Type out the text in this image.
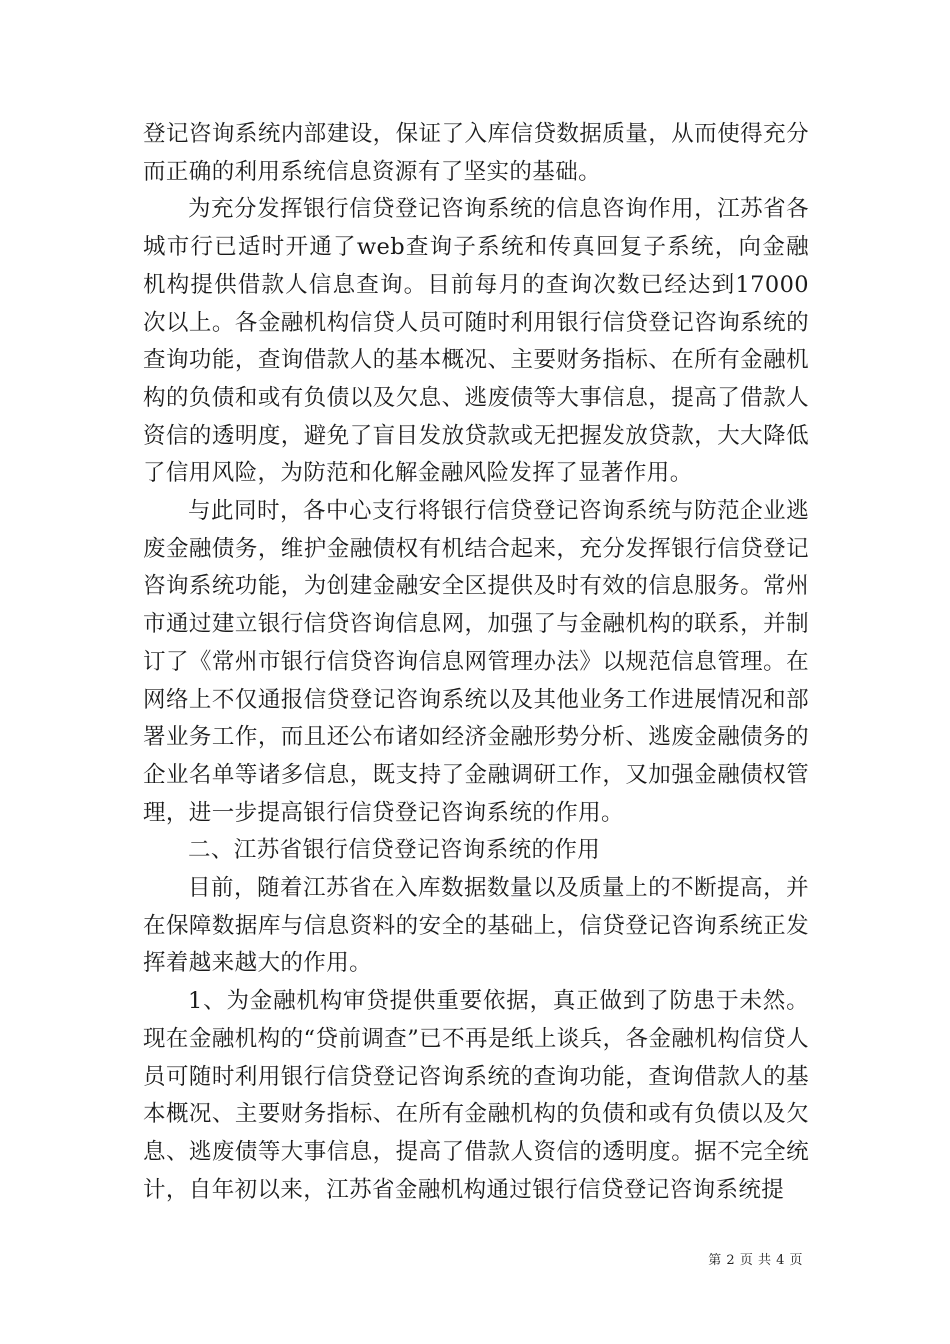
登记咨询系统内部建设，保证了入库信贷数据质量，从而使得充分而正确的利用系统信息资源有了坚实的基础。

为充分发挥银行信贷登记咨询系统的信息咨询作用，江苏省各城市行已适时开通了web查询子系统和传真回复子系统，向金融机构提供借款人信息查询。目前每月的查询次数已经达到17000次以上。各金融机构信贷人员可随时利用银行信贷登记咨询系统的查询功能，查询借款人的基本概况、主要财务指标、在所有金融机构的负债和或有负债以及欠息、逃废债等大事信息，提高了借款人资信的透明度，避免了盲目发放贷款或无把握发放贷款，大大降低了信用风险，为防范和化解金融风险发挥了显著作用。

与此同时，各中心支行将银行信贷登记咨询系统与防范企业逃废金融债务，维护金融债权有机结合起来，充分发挥银行信贷登记咨询系统功能，为创建金融安全区提供及时有效的信息服务。常州市通过建立银行信贷咨询信息网，加强了与金融机构的联系，并制订了《常州市银行信贷咨询信息网管理办法》以规范信息管理。在网络上不仅通报信贷登记咨询系统以及其他业务工作进展情况和部署业务工作，而且还公布诸如经济金融形势分析、逃废金融债务的企业名单等诸多信息，既支持了金融调研工作，又加强金融债权管理，进一步提高银行信贷登记咨询系统的作用。

二、江苏省银行信贷登记咨询系统的作用

目前，随着江苏省在入库数据数量以及质量上的不断提高，并在保障数据库与信息资料的安全的基础上，信贷登记咨询系统正发挥着越来越大的作用。

1、为金融机构审贷提供重要依据，真正做到了防患于未然。现在金融机构的“贷前调查”已不再是纸上谈兵，各金融机构信贷人员可随时利用银行信贷登记咨询系统的查询功能，查询借款人的基本概况、主要财务指标、在所有金融机构的负债和或有负债以及欠息、逃废债等大事信息，提高了借款人资信的透明度。据不完全统计，自年初以来，江苏省金融机构通过银行信贷登记咨询系统提

第 2 页 共 4 页
